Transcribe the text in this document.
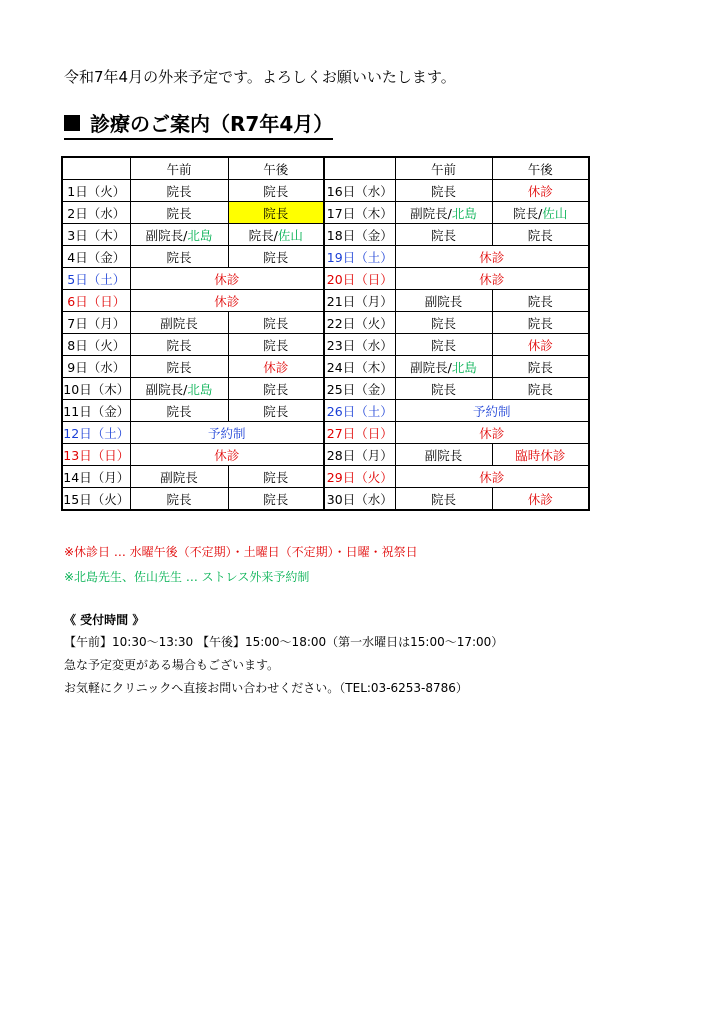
令和7年4月の外来予定です。よろしくお願いいたします。
診療のご案内（R7年4月）
	午前	午後		午前	午後
1日（火）	院長	院長	16日（水）	院長	休診
2日（水）	院長	院長	17日（木）	副院長/北島	院長/佐山
3日（木）	副院長/北島	院長/佐山	18日（金）	院長	院長
4日（金）	院長	院長	19日（土）	休診	
5日（土）	休診		20日（日）	休診	
6日（日）	休診		21日（月）	副院長	院長
7日（月）	副院長	院長	22日（火）	院長	院長
8日（火）	院長	院長	23日（水）	院長	休診
9日（水）	院長	休診	24日（木）	副院長/北島	院長
10日（木）	副院長/北島	院長	25日（金）	院長	院長
11日（金）	院長	院長	26日（土）	予約制	
12日（土）	予約制		27日（日）	休診	
13日（日）	休診		28日（月）	副院長	臨時休診
14日（月）	副院長	院長	29日（火）	休診	
15日（火）	院長	院長	30日（水）	院長	休診
※休診日 … 水曜午後（不定期）・土曜日（不定期）・日曜・祝祭日
※北島先生、佐山先生 … ストレス外来予約制
《 受付時間 》
【午前】10:30～13:30 【午後】15:00～18:00（第一水曜日は15:00～17:00）
急な予定変更がある場合もございます。
お気軽にクリニックへ直接お問い合わせください。（TEL:03-6253-8786）
